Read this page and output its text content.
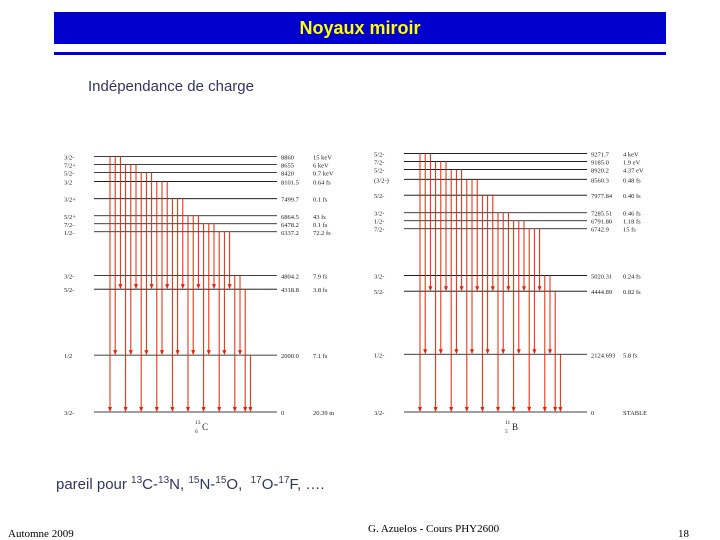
Noyaux miroir
Indépendance de charge
3/2-	8860	15 keV
7/2+	8655	6 keV
5/2-	8420	0.7 keV
3/2	8101.5 0.64 fs
3/2+	7499.7 0.1 fs
5/2+	6864.5 43 fs
7/2-	6478.2 0.1 fs
1/2-	6337.2 72.2 fs
3/2-	4804.2 7.9 fs
5/2-	4318.8 3.8 fs
1/2	2000.0 7.1 fs
3/2-	0	20.39 m
13
6 C
5/2-	9271.7 4 keV
7/2-	9185.0 1.9 eV
5/2-	8920.2 4.37 eV
(3/2-)	8560.3 0.48 fs
5/2-	7977.84 0.40 fs
3/2-	7285.51 0.46 fs
1/2-	6791.80 1.18 fs
7/2-	6742.9 15 fs
3/2-	5020.31 0.24 fs
5/2-	4444.89 0.82 fs
1/2-	2124.693 5.8 fs
3/2-	0	STABLE
11
5 B
pareil pour $^{13}$C-$^{13}$N, $^{15}$N-$^{15}$O,  $^{17}$O-$^{17}$F, ….
Automne 2009	G. Azuelos - Cours PHY2600	18
